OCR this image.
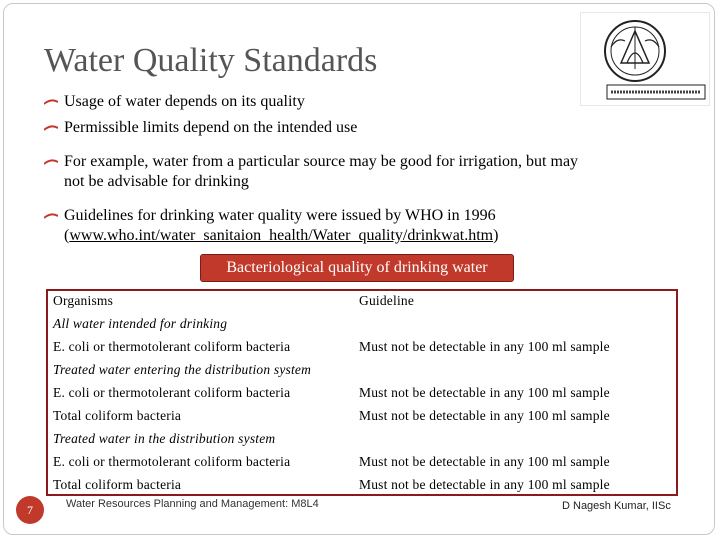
Water Quality Standards
Usage of water depends on its quality
Permissible limits depend on the intended use
For example, water from a particular source may be good for irrigation, but may
not be advisable for drinking
Guidelines for drinking water quality were issued by WHO in 1996
(www.who.int/water_sanitaion_health/Water_quality/drinkwat.htm)
Bacteriological quality of drinking water
Organisms	Guideline
All water intended for drinking
E. coli or thermotolerant coliform bacteria	Must not be detectable in any 100 ml sample
Treated water entering the distribution system
E. coli or thermotolerant coliform bacteria	Must not be detectable in any 100 ml sample
Total coliform bacteria	Must not be detectable in any 100 ml sample
Treated water in the distribution system
E. coli or thermotolerant coliform bacteria	Must not be detectable in any 100 ml sample
Total coliform bacteria	Must not be detectable in any 100 ml sample
7	Water Resources Planning and Management: M8L4	D Nagesh Kumar, IISc
